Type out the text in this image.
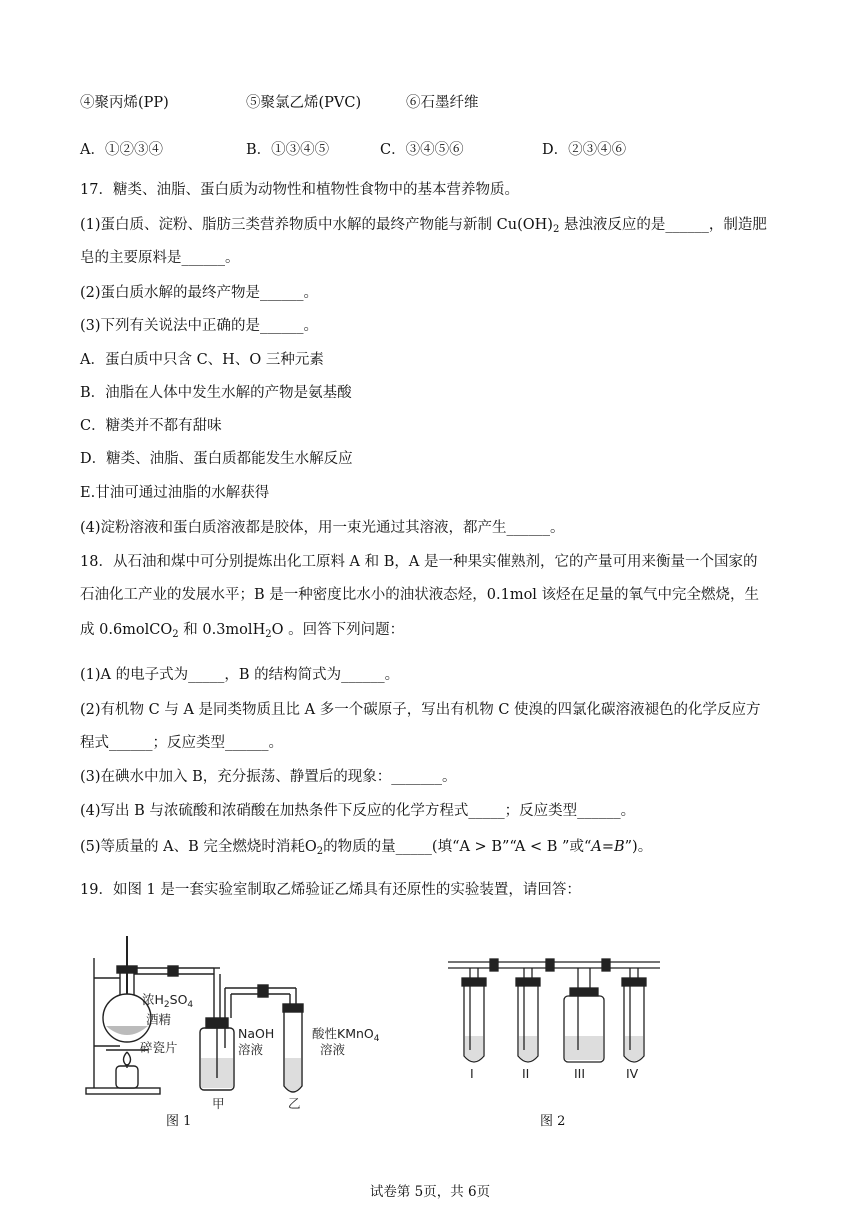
④聚丙烯(PP)	⑤聚氯乙烯(PVC)	⑥石墨纤维
A．①②③④	B．①③④⑤	C．③④⑤⑥	D．②③④⑥
17．糖类、油脂、蛋白质为动物性和植物性食物中的基本营养物质。
(1)蛋白质、淀粉、脂肪三类营养物质中水解的最终产物能与新制 $Cu(OH)_2$ 悬浊液反应的是______，制造肥
皂的主要原料是______。
(2)蛋白质水解的最终产物是______。
(3)下列有关说法中正确的是______。
A．蛋白质中只含 C、H、O 三种元素
B．油脂在人体中发生水解的产物是氨基酸
C．糖类并不都有甜味
D．糖类、油脂、蛋白质都能发生水解反应
E.甘油可通过油脂的水解获得
(4)淀粉溶液和蛋白质溶液都是胶体，用一束光通过其溶液，都产生______。
18．从石油和煤中可分别提炼出化工原料 A 和 B，A 是一种果实催熟剂，它的产量可用来衡量一个国家的
石油化工产业的发展水平；B 是一种密度比水小的油状液态烃，0.1mol 该烃在足量的氧气中完全燃烧，生
成 0.6molCO$_2$ 和 0.3molH$_2$O 。回答下列问题：
(1)A 的电子式为_____，B 的结构简式为______。
(2)有机物 C 与 A 是同类物质且比 A 多一个碳原子，写出有机物 C 使溴的四氯化碳溶液褪色的化学反应方
程式______；反应类型______。
(3)在碘水中加入 B，充分振荡、静置后的现象：_______。
(4)写出 B 与浓硫酸和浓硝酸在加热条件下反应的化学方程式_____；反应类型______。
(5)等质量的 A、B 完全燃烧时消耗$O_2$的物质的量_____(填“A > B”“A < B ”或“A=B”)。
19．如图 1 是一套实验室制取乙烯验证乙烯具有还原性的实验装置，请回答：
浓$H_2SO_4$
酒精
碎瓷片
NaOH
溶液
甲
酸性KMnO$_4$
溶液
乙
图 1
I	II	III	IV
图 2
试卷第 5页，共 6页
